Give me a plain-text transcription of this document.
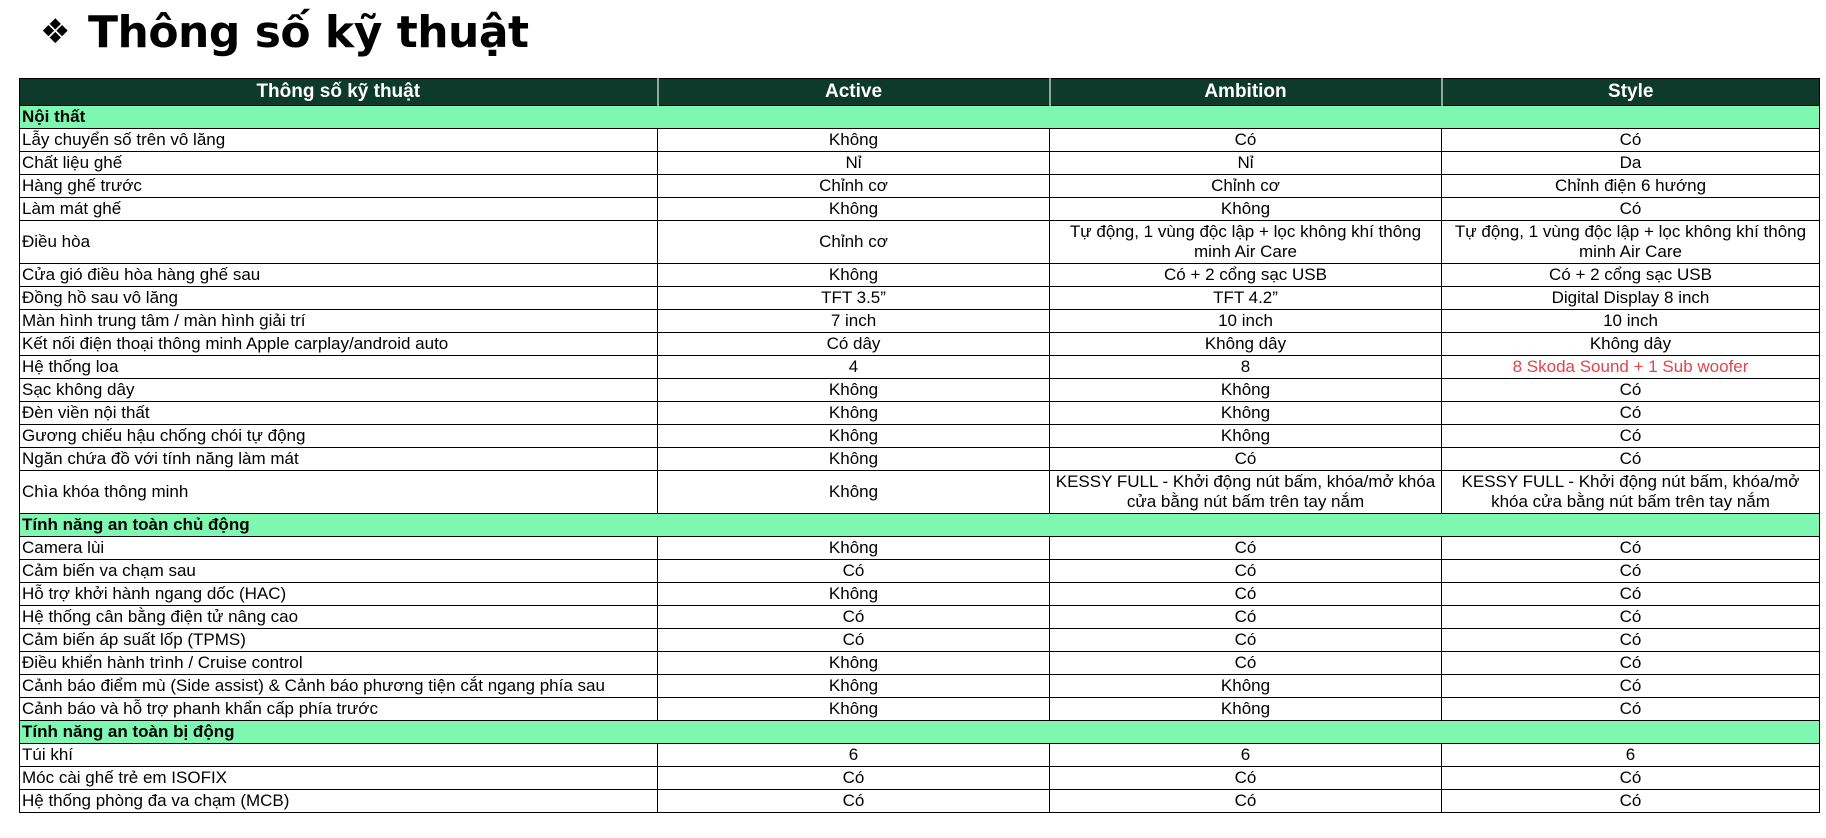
❖ Thông số kỹ thuật
Thông số kỹ thuật	Active	Ambition	Style
Nội thất			
Lẫy chuyển số trên vô lăng	Không	Có	Có
Chất liệu ghế	Nỉ	Nỉ	Da
Hàng ghế trước	Chỉnh cơ	Chỉnh cơ	Chỉnh điện 6 hướng
Làm mát ghế	Không	Không	Có
Điều hòa	Chỉnh cơ	Tự động, 1 vùng độc lập + lọc không khí thông minh Air Care	Tự động, 1 vùng độc lập + lọc không khí thông minh Air Care
Cửa gió điều hòa hàng ghế sau	Không	Có + 2 cổng sạc USB	Có + 2 cổng sạc USB
Đồng hồ sau vô lăng	TFT 3.5”	TFT 4.2”	Digital Display 8 inch
Màn hình trung tâm / màn hình giải trí	7 inch	10 inch	10 inch
Kết nối điện thoại thông minh Apple carplay/android auto	Có dây	Không dây	Không dây
Hệ thống loa	4	8	8 Skoda Sound + 1 Sub woofer
Sạc không dây	Không	Không	Có
Đèn viền nội thất	Không	Không	Có
Gương chiếu hậu chống chói tự động	Không	Không	Có
Ngăn chứa đồ với tính năng làm mát	Không	Có	Có
Chìa khóa thông minh	Không	KESSY FULL - Khởi động nút bấm, khóa/mở khóa cửa bằng nút bấm trên tay nắm	KESSY FULL - Khởi động nút bấm, khóa/mở khóa cửa bằng nút bấm trên tay nắm
Tính năng an toàn chủ động			
Camera lùi	Không	Có	Có
Cảm biến va chạm sau	Có	Có	Có
Hỗ trợ khởi hành ngang dốc (HAC)	Không	Có	Có
Hệ thống cân bằng điện tử nâng cao	Có	Có	Có
Cảm biến áp suất lốp (TPMS)	Có	Có	Có
Điều khiển hành trình / Cruise control	Không	Có	Có
Cảnh báo điểm mù (Side assist) & Cảnh báo phương tiện cắt ngang phía sau	Không	Không	Có
Cảnh báo và hỗ trợ phanh khẩn cấp phía trước	Không	Không	Có
Tính năng an toàn bị động			
Túi khí	6	6	6
Móc cài ghế trẻ em ISOFIX	Có	Có	Có
Hệ thống phòng đa va chạm (MCB)	Có	Có	Có
